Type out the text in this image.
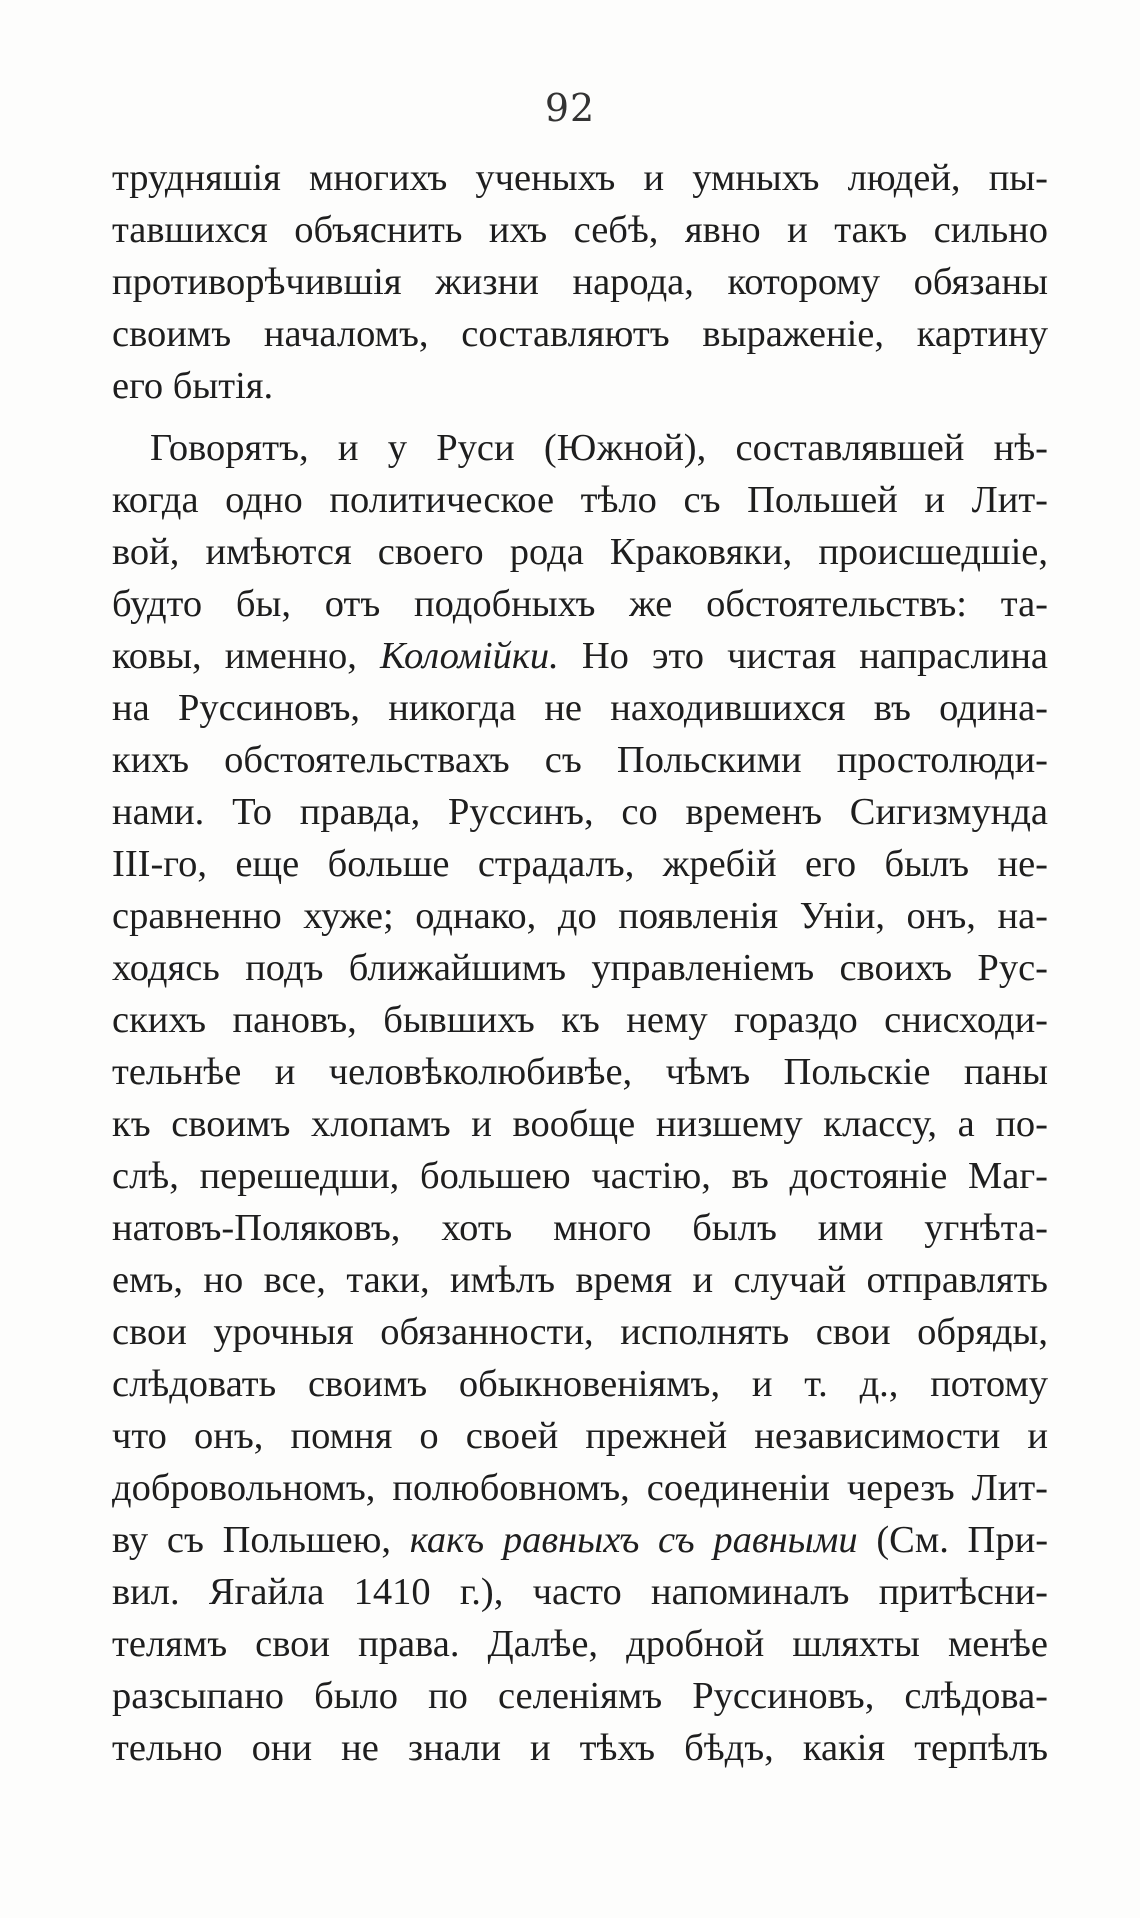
92
трудняшія многихъ ученыхъ и умныхъ людей, пы-
тавшихся объяснить ихъ себѣ, явно и такъ сильно
противорѣчившія жизни народа, которому обязаны
своимъ началомъ, составляютъ выраженіе, картину
его бытія.
Говорятъ, и у Руси (Южной), составлявшей нѣ-
когда одно политическое тѣло съ Польшей и Лит-
вой, имѣются своего рода Краковяки, происшедшіе,
будто бы, отъ подобныхъ же обстоятельствъ: та-
ковы, именно, Коломійки. Но это чистая напраслина
на Руссиновъ, никогда не находившихся въ одина-
кихъ обстоятельствахъ съ Польскими простолюди-
нами. То правда, Руссинъ, со временъ Сигизмунда
III-го, еще больше страдалъ, жребій его былъ не-
сравненно хуже; однако, до появленія Уніи, онъ, на-
ходясь подъ ближайшимъ управленіемъ своихъ Рус-
скихъ пановъ, бывшихъ къ нему гораздо снисходи-
тельнѣе и человѣколюбивѣе, чѣмъ Польскіе паны
къ своимъ хлопамъ и вообще низшему классу, а по-
слѣ, перешедши, большею частію, въ достояніе Маг-
натовъ-Поляковъ, хоть много былъ ими угнѣта-
емъ, но все, таки, имѣлъ время и случай отправлять
свои урочныя обязанности, исполнять свои обряды,
слѣдовать своимъ обыкновеніямъ, и т. д., потому
что онъ, помня о своей прежней независимости и
добровольномъ, полюбовномъ, соединеніи черезъ Лит-
ву съ Польшею, какъ равныхъ съ равными (См. При-
вил. Ягайла 1410 г.), часто напоминалъ притѣсни-
телямъ свои права. Далѣе, дробной шляхты менѣе
разсыпано было по селеніямъ Руссиновъ, слѣдова-
тельно они не знали и тѣхъ бѣдъ, какія терпѣлъ
